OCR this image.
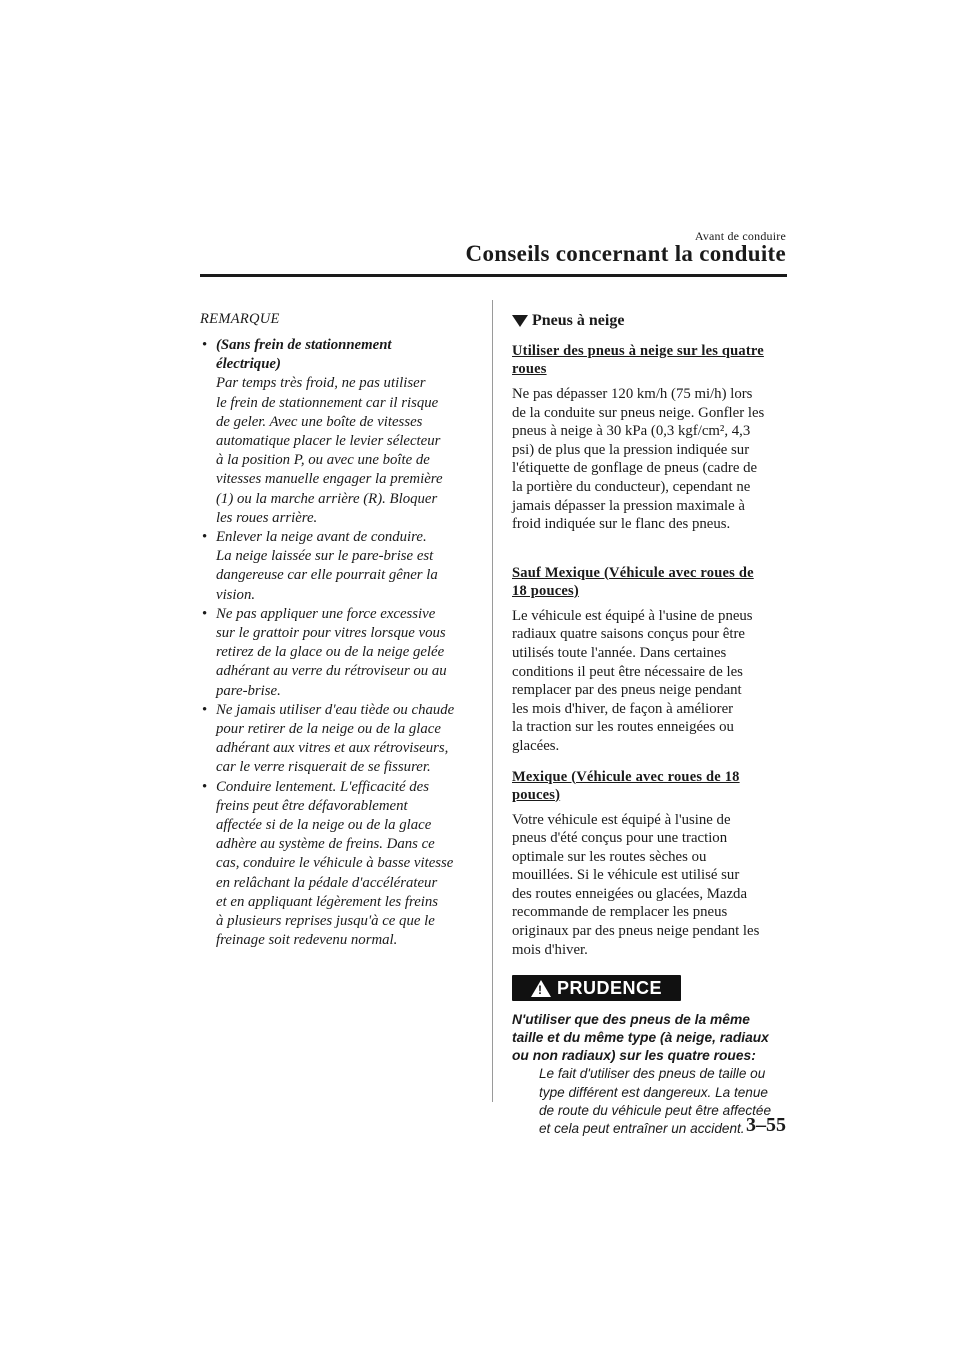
Avant de conduire
Conseils concernant la conduite
REMARQUE
• (Sans frein de stationnement
électrique)
Par temps très froid, ne pas utiliser
le frein de stationnement car il risque
de geler. Avec une boîte de vitesses
automatique placer le levier sélecteur
à la position P, ou avec une boîte de
vitesses manuelle engager la première
(1) ou la marche arrière (R). Bloquer
les roues arrière.
• Enlever la neige avant de conduire.
La neige laissée sur le pare-brise est
dangereuse car elle pourrait gêner la
vision.
• Ne pas appliquer une force excessive
sur le grattoir pour vitres lorsque vous
retirez de la glace ou de la neige gelée
adhérant au verre du rétroviseur ou au
pare-brise.
• Ne jamais utiliser d'eau tiède ou chaude
pour retirer de la neige ou de la glace
adhérant aux vitres et aux rétroviseurs,
car le verre risquerait de se fissurer.
• Conduire lentement. L'efficacité des
freins peut être défavorablement
affectée si de la neige ou de la glace
adhère au système de freins. Dans ce
cas, conduire le véhicule à basse vitesse
en relâchant la pédale d'accélérateur
et en appliquant légèrement les freins
à plusieurs reprises jusqu'à ce que le
freinage soit redevenu normal.
Pneus à neige
Utiliser des pneus à neige sur les quatre
roues
Ne pas dépasser 120 km/h (75 mi/h) lors
de la conduite sur pneus neige. Gonfler les
pneus à neige à 30 kPa (0,3 kgf/cm², 4,3
psi) de plus que la pression indiquée sur
l'étiquette de gonflage de pneus (cadre de
la portière du conducteur), cependant ne
jamais dépasser la pression maximale à
froid indiquée sur le flanc des pneus.
Sauf Mexique (Véhicule avec roues de
18 pouces)
Le véhicule est équipé à l'usine de pneus
radiaux quatre saisons conçus pour être
utilisés toute l'année. Dans certaines
conditions il peut être nécessaire de les
remplacer par des pneus neige pendant
les mois d'hiver, de façon à améliorer
la traction sur les routes enneigées ou
glacées.
Mexique (Véhicule avec roues de 18
pouces)
Votre véhicule est équipé à l'usine de
pneus d'été conçus pour une traction
optimale sur les routes sèches ou
mouillées. Si le véhicule est utilisé sur
des routes enneigées ou glacées, Mazda
recommande de remplacer les pneus
originaux par des pneus neige pendant les
mois d'hiver.
! PRUDENCE
N'utiliser que des pneus de la même
taille et du même type (à neige, radiaux
ou non radiaux) sur les quatre roues:
Le fait d'utiliser des pneus de taille ou
type différent est dangereux. La tenue
de route du véhicule peut être affectée
et cela peut entraîner un accident. 3–55
